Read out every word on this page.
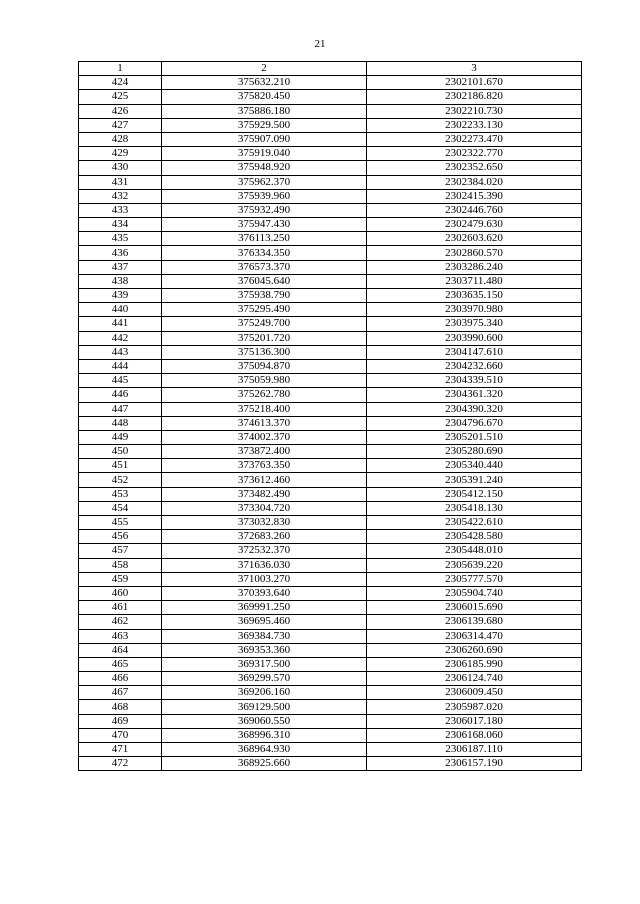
21
1	2	3
424	375632.210	2302101.670
425	375820.450	2302186.820
426	375886.180	2302210.730
427	375929.500	2302233.130
428	375907.090	2302273.470
429	375919.040	2302322.770
430	375948.920	2302352.650
431	375962.370	2302384.020
432	375939.960	2302415.390
433	375932.490	2302446.760
434	375947.430	2302479.630
435	376113.250	2302603.620
436	376334.350	2302860.570
437	376573.370	2303286.240
438	376045.640	2303711.480
439	375938.790	2303635.150
440	375295.490	2303970.980
441	375249.700	2303975.340
442	375201.720	2303990.600
443	375136.300	2304147.610
444	375094.870	2304232.660
445	375059.980	2304339.510
446	375262.780	2304361.320
447	375218.400	2304390.320
448	374613.370	2304796.670
449	374002.370	2305201.510
450	373872.400	2305280.690
451	373763.350	2305340.440
452	373612.460	2305391.240
453	373482.490	2305412.150
454	373304.720	2305418.130
455	373032.830	2305422.610
456	372683.260	2305428.580
457	372532.370	2305448.010
458	371636.030	2305639.220
459	371003.270	2305777.570
460	370393.640	2305904.740
461	369991.250	2306015.690
462	369695.460	2306139.680
463	369384.730	2306314.470
464	369353.360	2306260.690
465	369317.500	2306185.990
466	369299.570	2306124.740
467	369206.160	2306009.450
468	369129.500	2305987.020
469	369060.550	2306017.180
470	368996.310	2306168.060
471	368964.930	2306187.110
472	368925.660	2306157.190
